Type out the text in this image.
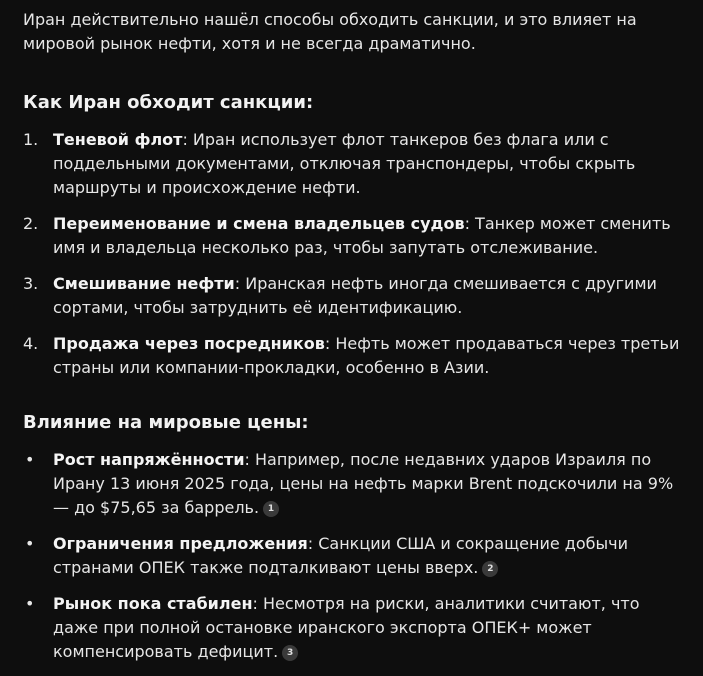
Иран действительно нашёл способы обходить санкции, и это влияет на мировой рынок нефти, хотя и не всегда драматично.

Как Иран обходит санкции:
1. Теневой флот: Иран использует флот танкеров без флага или с поддельными документами, отключая транспондеры, чтобы скрыть маршруты и происхождение нефти.
2. Переименование и смена владельцев судов: Танкер может сменить имя и владельца несколько раз, чтобы запутать отслеживание.
3. Смешивание нефти: Иранская нефть иногда смешивается с другими сортами, чтобы затруднить её идентификацию.
4. Продажа через посредников: Нефть может продаваться через третьи страны или компании-прокладки, особенно в Азии.
Влияние на мировые цены:
•	Рост напряжённости: Например, после недавних ударов Израиля по Ирану 13 июня 2025 года, цены на нефть марки Brent подскочили на 9% — до $75,65 за баррель. 1
•	Ограничения предложения: Санкции США и сокращение добычи странами ОПЕК также подталкивают цены вверх. 2
•	Рынок пока стабилен: Несмотря на риски, аналитики считают, что даже при полной остановке иранского экспорта ОПЕК+ может компенсировать дефицит. 3
